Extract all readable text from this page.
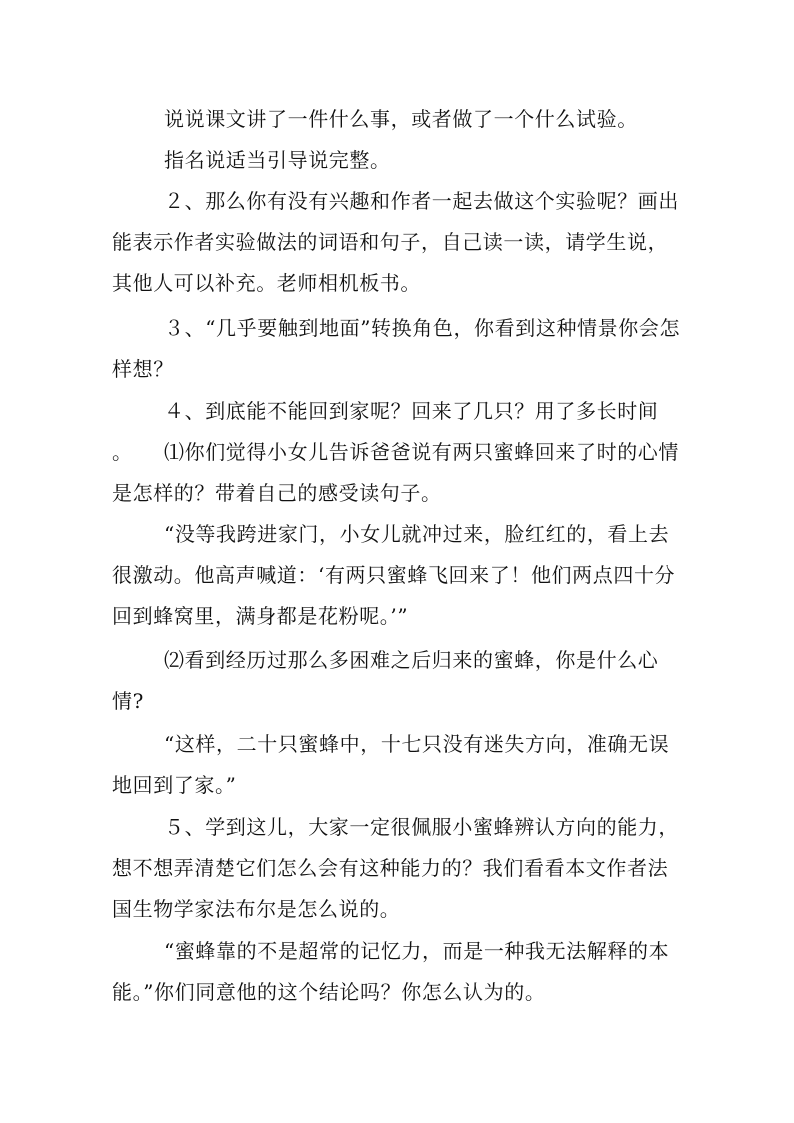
说说课文讲了一件什么事，或者做了一个什么试验。

指名说适当引导说完整。

２、那么你有没有兴趣和作者一起去做这个实验呢？画出能表示作者实验做法的词语和句子，自己读一读，请学生说，其他人可以补充。老师相机板书。

３、“几乎要触到地面”转换角色，你看到这种情景你会怎样想？

４、到底能不能回到家呢？回来了几只？用了多长时间 。	⑴你们觉得小女儿告诉爸爸说有两只蜜蜂回来了时的心情是怎样的？带着自己的感受读句子。

“没等我跨进家门，小女儿就冲过来，脸红红的，看上去很激动。他高声喊道：‘有两只蜜蜂飞回来了！他们两点四十分回到蜂窝里，满身都是花粉呢。’”

⑵看到经历过那么多困难之后归来的蜜蜂，你是什么心情?

“这样，二十只蜜蜂中，十七只没有迷失方向，准确无误地回到了家。”

５、学到这儿，大家一定很佩服小蜜蜂辨认方向的能力，想不想弄清楚它们怎么会有这种能力的？我们看看本文作者法国生物学家法布尔是怎么说的。

“蜜蜂靠的不是超常的记忆力，而是一种我无法解释的本能。”你们同意他的这个结论吗？你怎么认为的。
